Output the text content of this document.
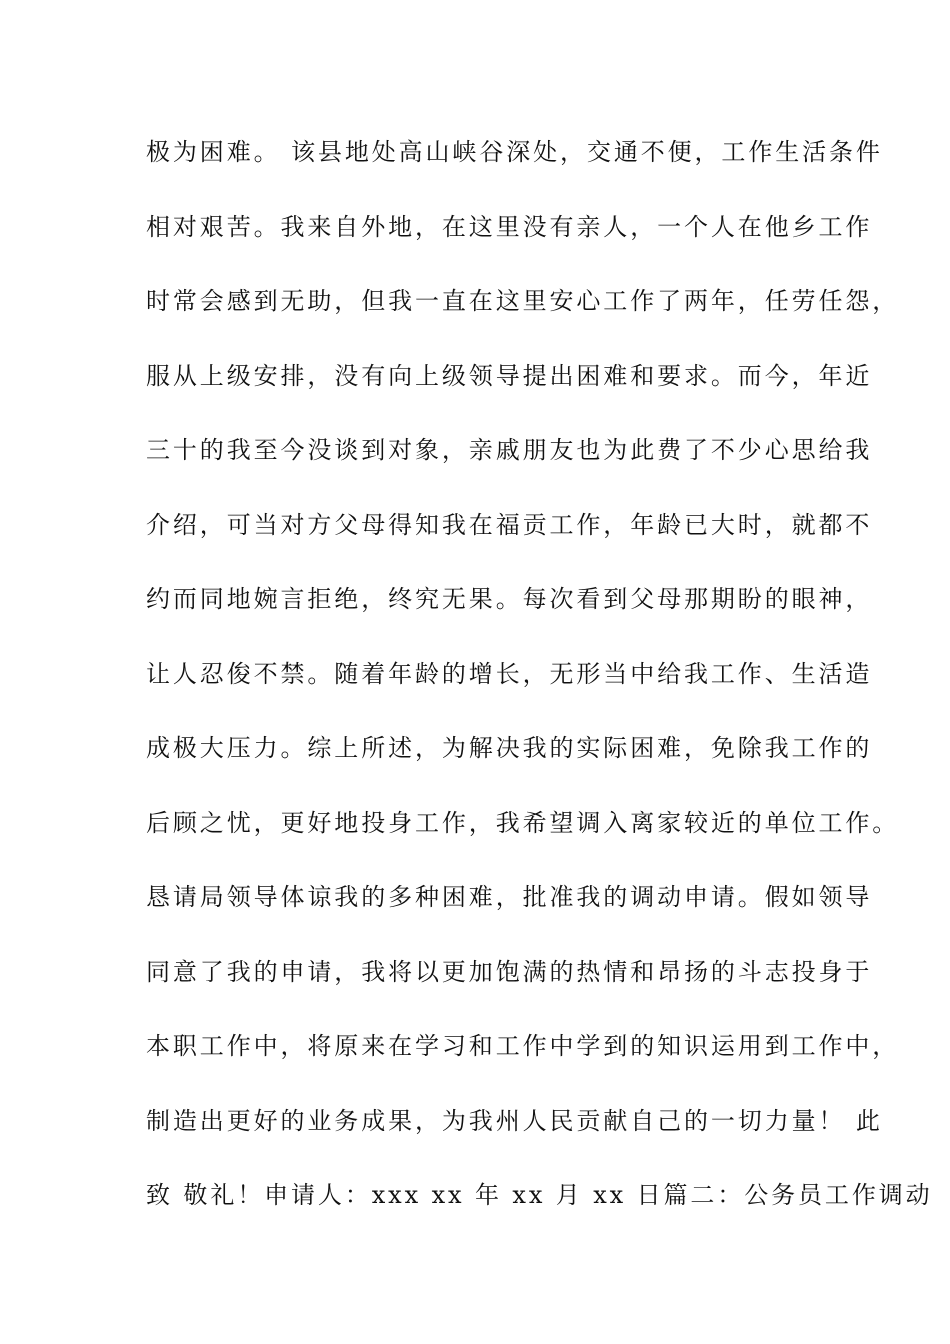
极为困难。 该县地处高山峡谷深处，交通不便，工作生活条件
相对艰苦。我来自外地，在这里没有亲人，一个人在他乡工作
时常会感到无助，但我一直在这里安心工作了两年，任劳任怨，
服从上级安排，没有向上级领导提出困难和要求。而今，年近
三十的我至今没谈到对象，亲戚朋友也为此费了不少心思给我
介绍，可当对方父母得知我在福贡工作，年龄已大时，就都不
约而同地婉言拒绝，终究无果。每次看到父母那期盼的眼神，
让人忍俊不禁。随着年龄的增长，无形当中给我工作、生活造
成极大压力。综上所述，为解决我的实际困难，免除我工作的
后顾之忧，更好地投身工作，我希望调入离家较近的单位工作。
恳请局领导体谅我的多种困难，批准我的调动申请。假如领导
同意了我的申请，我将以更加饱满的热情和昂扬的斗志投身于
本职工作中，将原来在学习和工作中学到的知识运用到工作中，
制造出更好的业务成果，为我州人民贡献自己的一切力量！ 此
致 敬礼！申请人：xxx xx 年 xx 月 xx 日篇二：公务员工作调动
